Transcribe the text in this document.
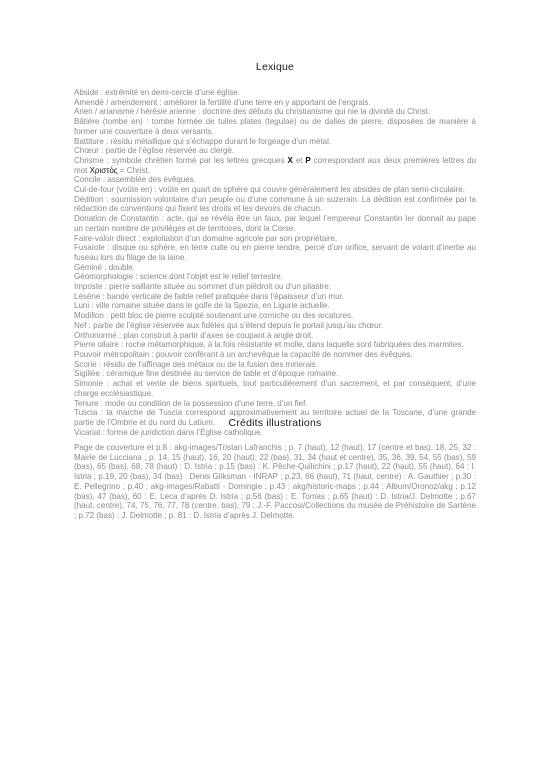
Lexique

Abside : extrémité en demi-cercle d’une église.

Amendé / amendement : améliorer la fertilité d’une terre en y apportant de l’engrais.

Arien / arianisme / hérésie arienne : doctrine des débuts du christianisme qui nie la divinité du Christ.

Bâtière (tombe en) : tombe formée de tuiles plates (tegulae) ou de dalles de pierre, disposées de manière à former une couverture à deux versants.

Battiture : résidu métallique qui s’échappe durant le forgeage d’un métal.

Chœur : partie de l’église réservée au clergé.

Chrisme : symbole chrétien formé par les lettres grecques X et P correspondant aux deux premières lettres du mot Χριστός = Christ.

Concile : assemblée des évêques.

Cul-de-four (voûte en) : voûte en quart de sphère qui couvre généralement les absides de plan semi-circulaire.

Dédition : soumission volontaire d’un peuple ou d’une commune à un suzerain. La dédition est confirmée par la rédaction de conventions qui fixent les droits et les devoirs de chacun.

Donation de Constantin : acte, qui se révéla être un faux, par lequel l’empereur Constantin Ier donnait au pape un certain nombre de privilèges et de territoires, dont la Corse.

Faire-valoir direct : exploitation d’un domaine agricole par son propriétaire.

Fusaïole : disque ou sphère, en terre cuite ou en pierre tendre, percé d’un orifice, servant de volant d’inertie au fuseau lors du filage de la laine.

Géminé : double.

Géomorphologie : science dont l’objet est le relief terrestre.

Imposte : pierre saillante située au sommet d’un piédroit ou d’un pilastre.

Lésène : bande verticale de faible relief pratiquée dans l’épaisseur d’un mur.

Luni : ville romaine située dans le golfe de la Spezia, en Ligurie actuelle.

Modillon : petit bloc de pierre sculpté soutenant une corniche ou des arcatures.

Nef : partie de l’église réservée aux fidèles qui s’étend depuis le portail jusqu’au chœur.

Orthonormé : plan construit à partir d’axes se coupant à angle droit.

Pierre ollaire : roche métamorphique, à la fois résistante et molle, dans laquelle sont fabriquées des marmites.

Pouvoir métropolitain : pouvoir conférant à un archevêque la capacité de nommer des évêques.

Scorie : résidu de l’affinage des métaux ou de la fusion des minerais.

Sigillée : céramique fine destinée au service de table et d’époque romaine.

Simonie : achat et vente de biens spirituels, tout particulièrement d’un sacrement, et par conséquent, d’une charge ecclésiastique.

Tenure : mode ou condition de la possession d’une terre, d’un fief.

Tuscia : la marche de Tuscia correspond approximativement au territoire actuel de la Toscane, d’une grande partie de l’Ombrie et du nord du Latium.

Vicariat : forme de juridiction dans l’Église catholique.

Crédits illustrations

Page de couverture et p.8 : akg-images/Tristan Lafranchis ; p. 7 (haut), 12 (haut), 17 (centre et bas), 18, 25, 32 : Mairie de Lucciana ; p. 14, 15 (haut), 16, 20 (haut), 22 (bas), 31, 34 (haut et centre), 35, 36, 39, 54, 55 (bas), 59 (bas), 65 (bas), 68, 78 (haut) : D. Istria ; p.15 (bas) : K. Pêche-Quilichini ; p.17 (haut), 22 (haut), 55 (haut), 64 : I. Istria ; p.19, 20 (bas), 34 (bas) : Denis Gliksman - INRAP ; p.23, 66 (haut), 71 (haut, centre) : A. Gauthier ; p.30 : E. Pellegrino ; p.40 : akg-images/Rabatti - Domingie ; p.43 : akg/historic-maps ; p.44 : Album/Oronoz/akg ; p.12 (bas), 47 (bas), 60 : E. Leca d’après D. Istria ; p.56 (bas) : E. Tomas ; p.65 (haut) : D. Istria/J. Delmotte ; p.67 (haut, centre), 74, 75, 76, 77, 78 (centre, bas), 79 : J.-F. Paccosi/Collections du musée de Préhistoire de Sartène ; p.72 (bas) : J. Delmotte ; p. 81 : D. Istria d’après J. Delmotte.
